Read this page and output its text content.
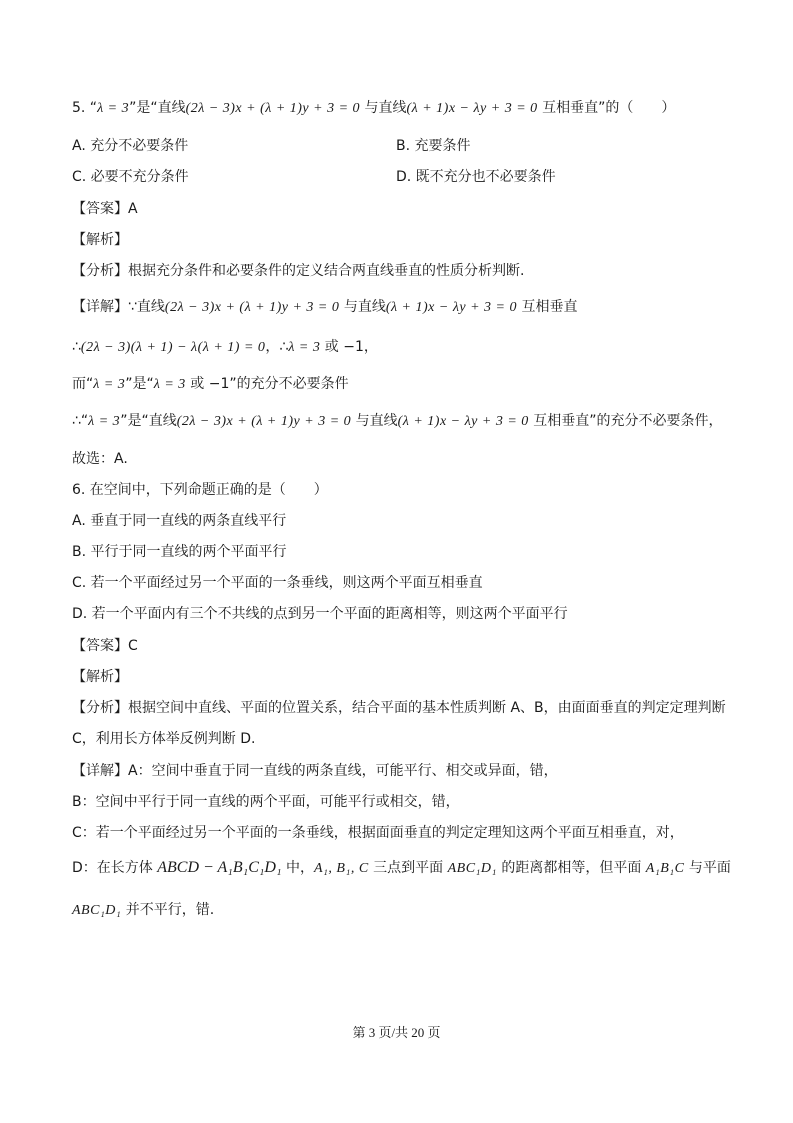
5. “λ = 3”是“直线(2λ − 3)x + (λ + 1)y + 3 = 0 与直线(λ + 1)x − λy + 3 = 0 互相垂直”的（　　）
A. 充分不必要条件	B. 充要条件
C. 必要不充分条件	D. 既不充分也不必要条件
【答案】A
【解析】
【分析】根据充分条件和必要条件的定义结合两直线垂直的性质分析判断.
【详解】∵直线(2λ − 3)x + (λ + 1)y + 3 = 0 与直线(λ + 1)x − λy + 3 = 0 互相垂直
∴(2λ − 3)(λ + 1) − λ(λ + 1) = 0，∴λ = 3 或 −1，
而“λ = 3”是“λ = 3 或 −1”的充分不必要条件
∴“λ = 3”是“直线(2λ − 3)x + (λ + 1)y + 3 = 0 与直线(λ + 1)x − λy + 3 = 0 互相垂直”的充分不必要条件，
故选：A.
6. 在空间中，下列命题正确的是（　　）
A. 垂直于同一直线的两条直线平行
B. 平行于同一直线的两个平面平行
C. 若一个平面经过另一个平面的一条垂线，则这两个平面互相垂直
D. 若一个平面内有三个不共线的点到另一个平面的距离相等，则这两个平面平行
【答案】C
【解析】
【分析】根据空间中直线、平面的位置关系，结合平面的基本性质判断 A、B，由面面垂直的判定定理判断
C，利用长方体举反例判断 D.
【详解】A：空间中垂直于同一直线的两条直线，可能平行、相交或异面，错，
B：空间中平行于同一直线的两个平面，可能平行或相交，错，
C：若一个平面经过另一个平面的一条垂线，根据面面垂直的判定定理知这两个平面互相垂直，对，
D：在长方体 ABCD − A₁B₁C₁D₁ 中，A₁, B₁, C 三点到平面 ABC₁D₁ 的距离都相等，但平面 A₁B₁C 与平面
ABC₁D₁ 并不平行，错.
第 3 页/共 20 页
